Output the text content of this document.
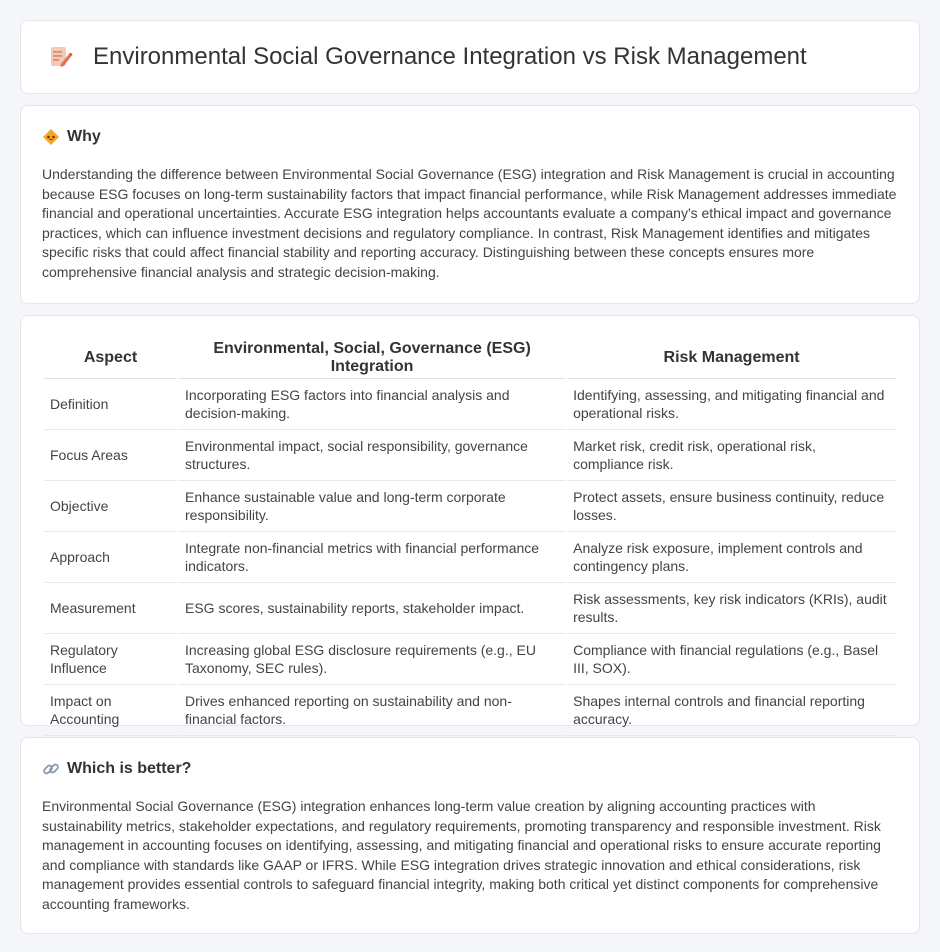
Environmental Social Governance Integration vs Risk Management
Why

Understanding the difference between Environmental Social Governance (ESG) integration and Risk Management is crucial in accounting because ESG focuses on long-term sustainability factors that impact financial performance, while Risk Management addresses immediate financial and operational uncertainties. Accurate ESG integration helps accountants evaluate a company's ethical impact and governance practices, which can influence investment decisions and regulatory compliance. In contrast, Risk Management identifies and mitigates specific risks that could affect financial stability and reporting accuracy. Distinguishing between these concepts ensures more comprehensive financial analysis and strategic decision-making.

Aspect	Environmental, Social, Governance (ESG) Integration	Risk Management
Definition	Incorporating ESG factors into financial analysis and decision-making.	Identifying, assessing, and mitigating financial and operational risks.
Focus Areas	Environmental impact, social responsibility, governance structures.	Market risk, credit risk, operational risk, compliance risk.
Objective	Enhance sustainable value and long-term corporate responsibility.	Protect assets, ensure business continuity, reduce losses.
Approach	Integrate non-financial metrics with financial performance indicators.	Analyze risk exposure, implement controls and contingency plans.
Measurement	ESG scores, sustainability reports, stakeholder impact.	Risk assessments, key risk indicators (KRIs), audit results.
Regulatory Influence	Increasing global ESG disclosure requirements (e.g., EU Taxonomy, SEC rules).	Compliance with financial regulations (e.g., Basel III, SOX).
Impact on Accounting	Drives enhanced reporting on sustainability and non-financial factors.	Shapes internal controls and financial reporting accuracy.
Which is better?

Environmental Social Governance (ESG) integration enhances long-term value creation by aligning accounting practices with sustainability metrics, stakeholder expectations, and regulatory requirements, promoting transparency and responsible investment. Risk management in accounting focuses on identifying, assessing, and mitigating financial and operational risks to ensure accurate reporting and compliance with standards like GAAP or IFRS. While ESG integration drives strategic innovation and ethical considerations, risk management provides essential controls to safeguard financial integrity, making both critical yet distinct components for comprehensive accounting frameworks.
